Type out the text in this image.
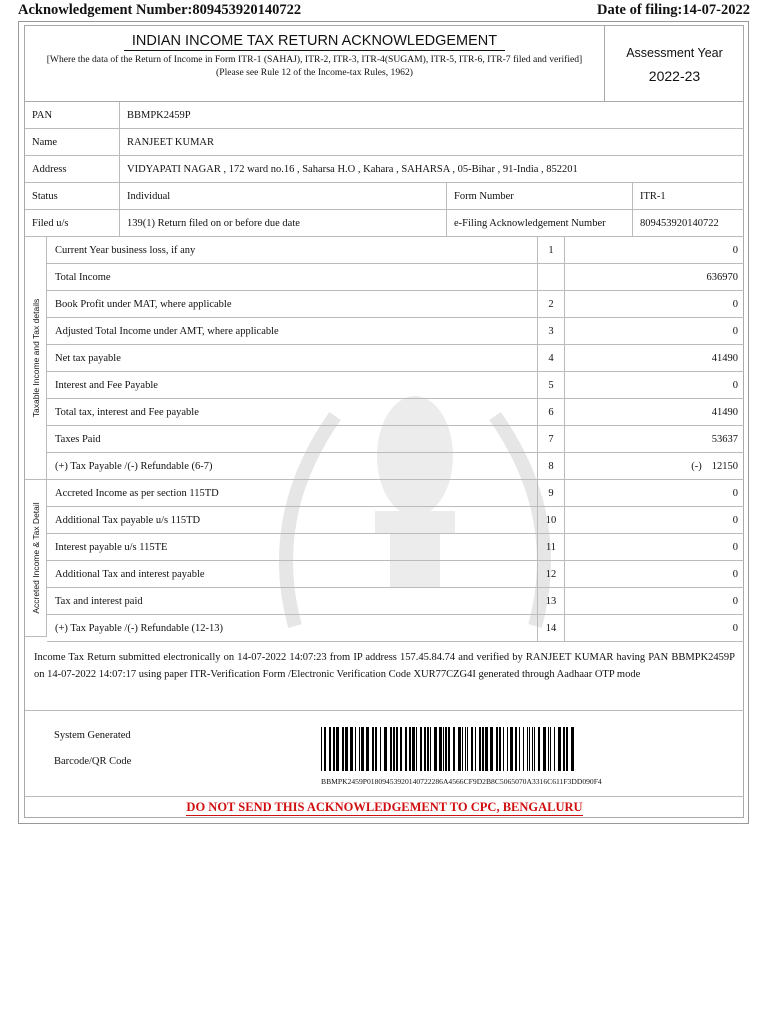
Acknowledgement Number:809453920140722	Date of filing:14-07-2022
INDIAN INCOME TAX RETURN ACKNOWLEDGEMENT
[Where the data of the Return of Income in Form ITR-1 (SAHAJ), ITR-2, ITR-3, ITR-4(SUGAM), ITR-5, ITR-6, ITR-7 filed and verified]
(Please see Rule 12 of the Income-tax Rules, 1962)
Assessment Year
2022-23
PAN	BBMPK2459P
Name	RANJEET KUMAR
Address	VIDYAPATI NAGAR , 172 ward no.16 , Saharsa H.O , Kahara , SAHARSA , 05-Bihar , 91-India , 852201
Status	Individual	Form Number	ITR-1
Filed u/s	139(1) Return filed on or before due date	e-Filing Acknowledgement Number	809453920140722
Taxable Income and Tax details
Accreted Income & Tax Detail
Current Year business loss, if any	1	0
Total Income	636970
Book Profit under MAT, where applicable	2	0
Adjusted Total Income under AMT, where applicable	3	0
Net tax payable	4	41490
Interest and Fee Payable	5	0
Total tax, interest and Fee payable	6	41490
Taxes Paid	7	53637
(+) Tax Payable /(-) Refundable (6-7)	8	(-) 12150
Accreted Income as per section 115TD	9	0
Additional Tax payable u/s 115TD	10	0
Interest payable u/s 115TE	11	0
Additional Tax and interest payable	12	0
Tax and interest paid	13	0
(+) Tax Payable /(-) Refundable (12-13)	14	0
Income Tax Return submitted electronically on 14-07-2022 14:07:23 from IP address 157.45.84.74 and verified by RANJEET KUMAR having PAN BBMPK2459P on 14-07-2022 14:07:17 using paper ITR-Verification Form /Electronic Verification Code XUR77CZG4I generated through Aadhaar OTP mode
System Generated
Barcode/QR Code
BBMPK2459P01809453920140722286A4566CF9D2B8C5065070A3316C611F3DD090F4
DO NOT SEND THIS ACKNOWLEDGEMENT TO CPC, BENGALURU
